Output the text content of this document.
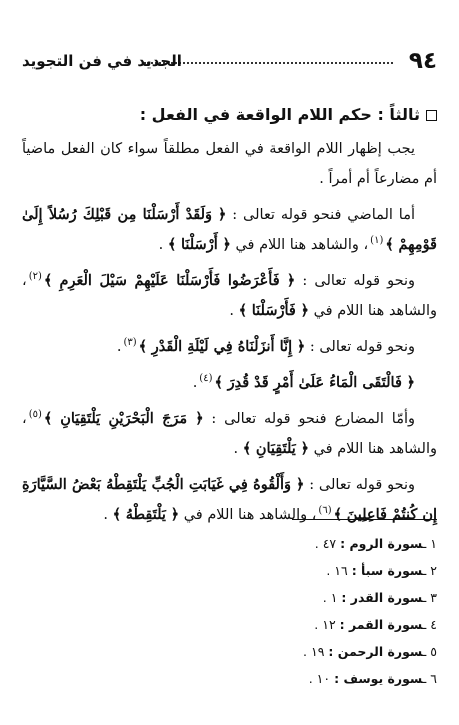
٩٤
الجديد في فن التجويد
ثالثاً : حكم اللام الواقعة في الفعل :

يجب إظهار اللام الواقعة في الفعل مطلقاً سواء كان الفعل ماضياً أم مضارعاً أم أمراً .

أما الماضي فنحو قوله تعالى : ﴿ وَلَقَدْ أَرْسَلْنَا مِن قَبْلِكَ رُسُلاً إِلَىٰ قَوْمِهِمْ ﴾$^{(١)}$، والشاهد هنا اللام في ﴿ أَرْسَلْنَا ﴾ .

ونحو قوله تعالى : ﴿ فَأَعْرَضُوا فَأَرْسَلْنَا عَلَيْهِمْ سَيْلَ الْعَرِمِ ﴾$^{(٢)}$، والشاهد هنا اللام في ﴿ فَأَرْسَلْنَا ﴾ .

ونحو قوله تعالى : ﴿ إِنَّا أَنزَلْنَاهُ فِي لَيْلَةِ الْقَدْرِ ﴾$^{(٣)}$.

﴿ فَالْتَقَى الْمَاءُ عَلَىٰ أَمْرٍ قَدْ قُدِرَ ﴾$^{(٤)}$.

وأمّا المضارع فنحو قوله تعالى : ﴿ مَرَجَ الْبَحْرَيْنِ يَلْتَقِيَانِ ﴾$^{(٥)}$، والشاهد هنا اللام في ﴿ يَلْتَقِيَانِ ﴾ .

ونحو قوله تعالى : ﴿ وَأَلْقُوهُ فِي غَيَابَتِ الْجُبِّ يَلْتَقِطْهُ بَعْضُ السَّيَّارَةِ إِن كُنتُمْ فَاعِلِينَ ﴾$^{(٦)}$، والشاهد هنا اللام في ﴿ يَلْتَقِطْهُ ﴾ .

١ ـسورة الروم : ٤٧ .
٢ ـسورة سبأ : ١٦ .
٣ ـسورة القدر : ١ .
٤ ـسورة القمر : ١٢ .
٥ ـسورة الرحمن : ١٩ .
٦ ـسورة يوسف : ١٠ .
